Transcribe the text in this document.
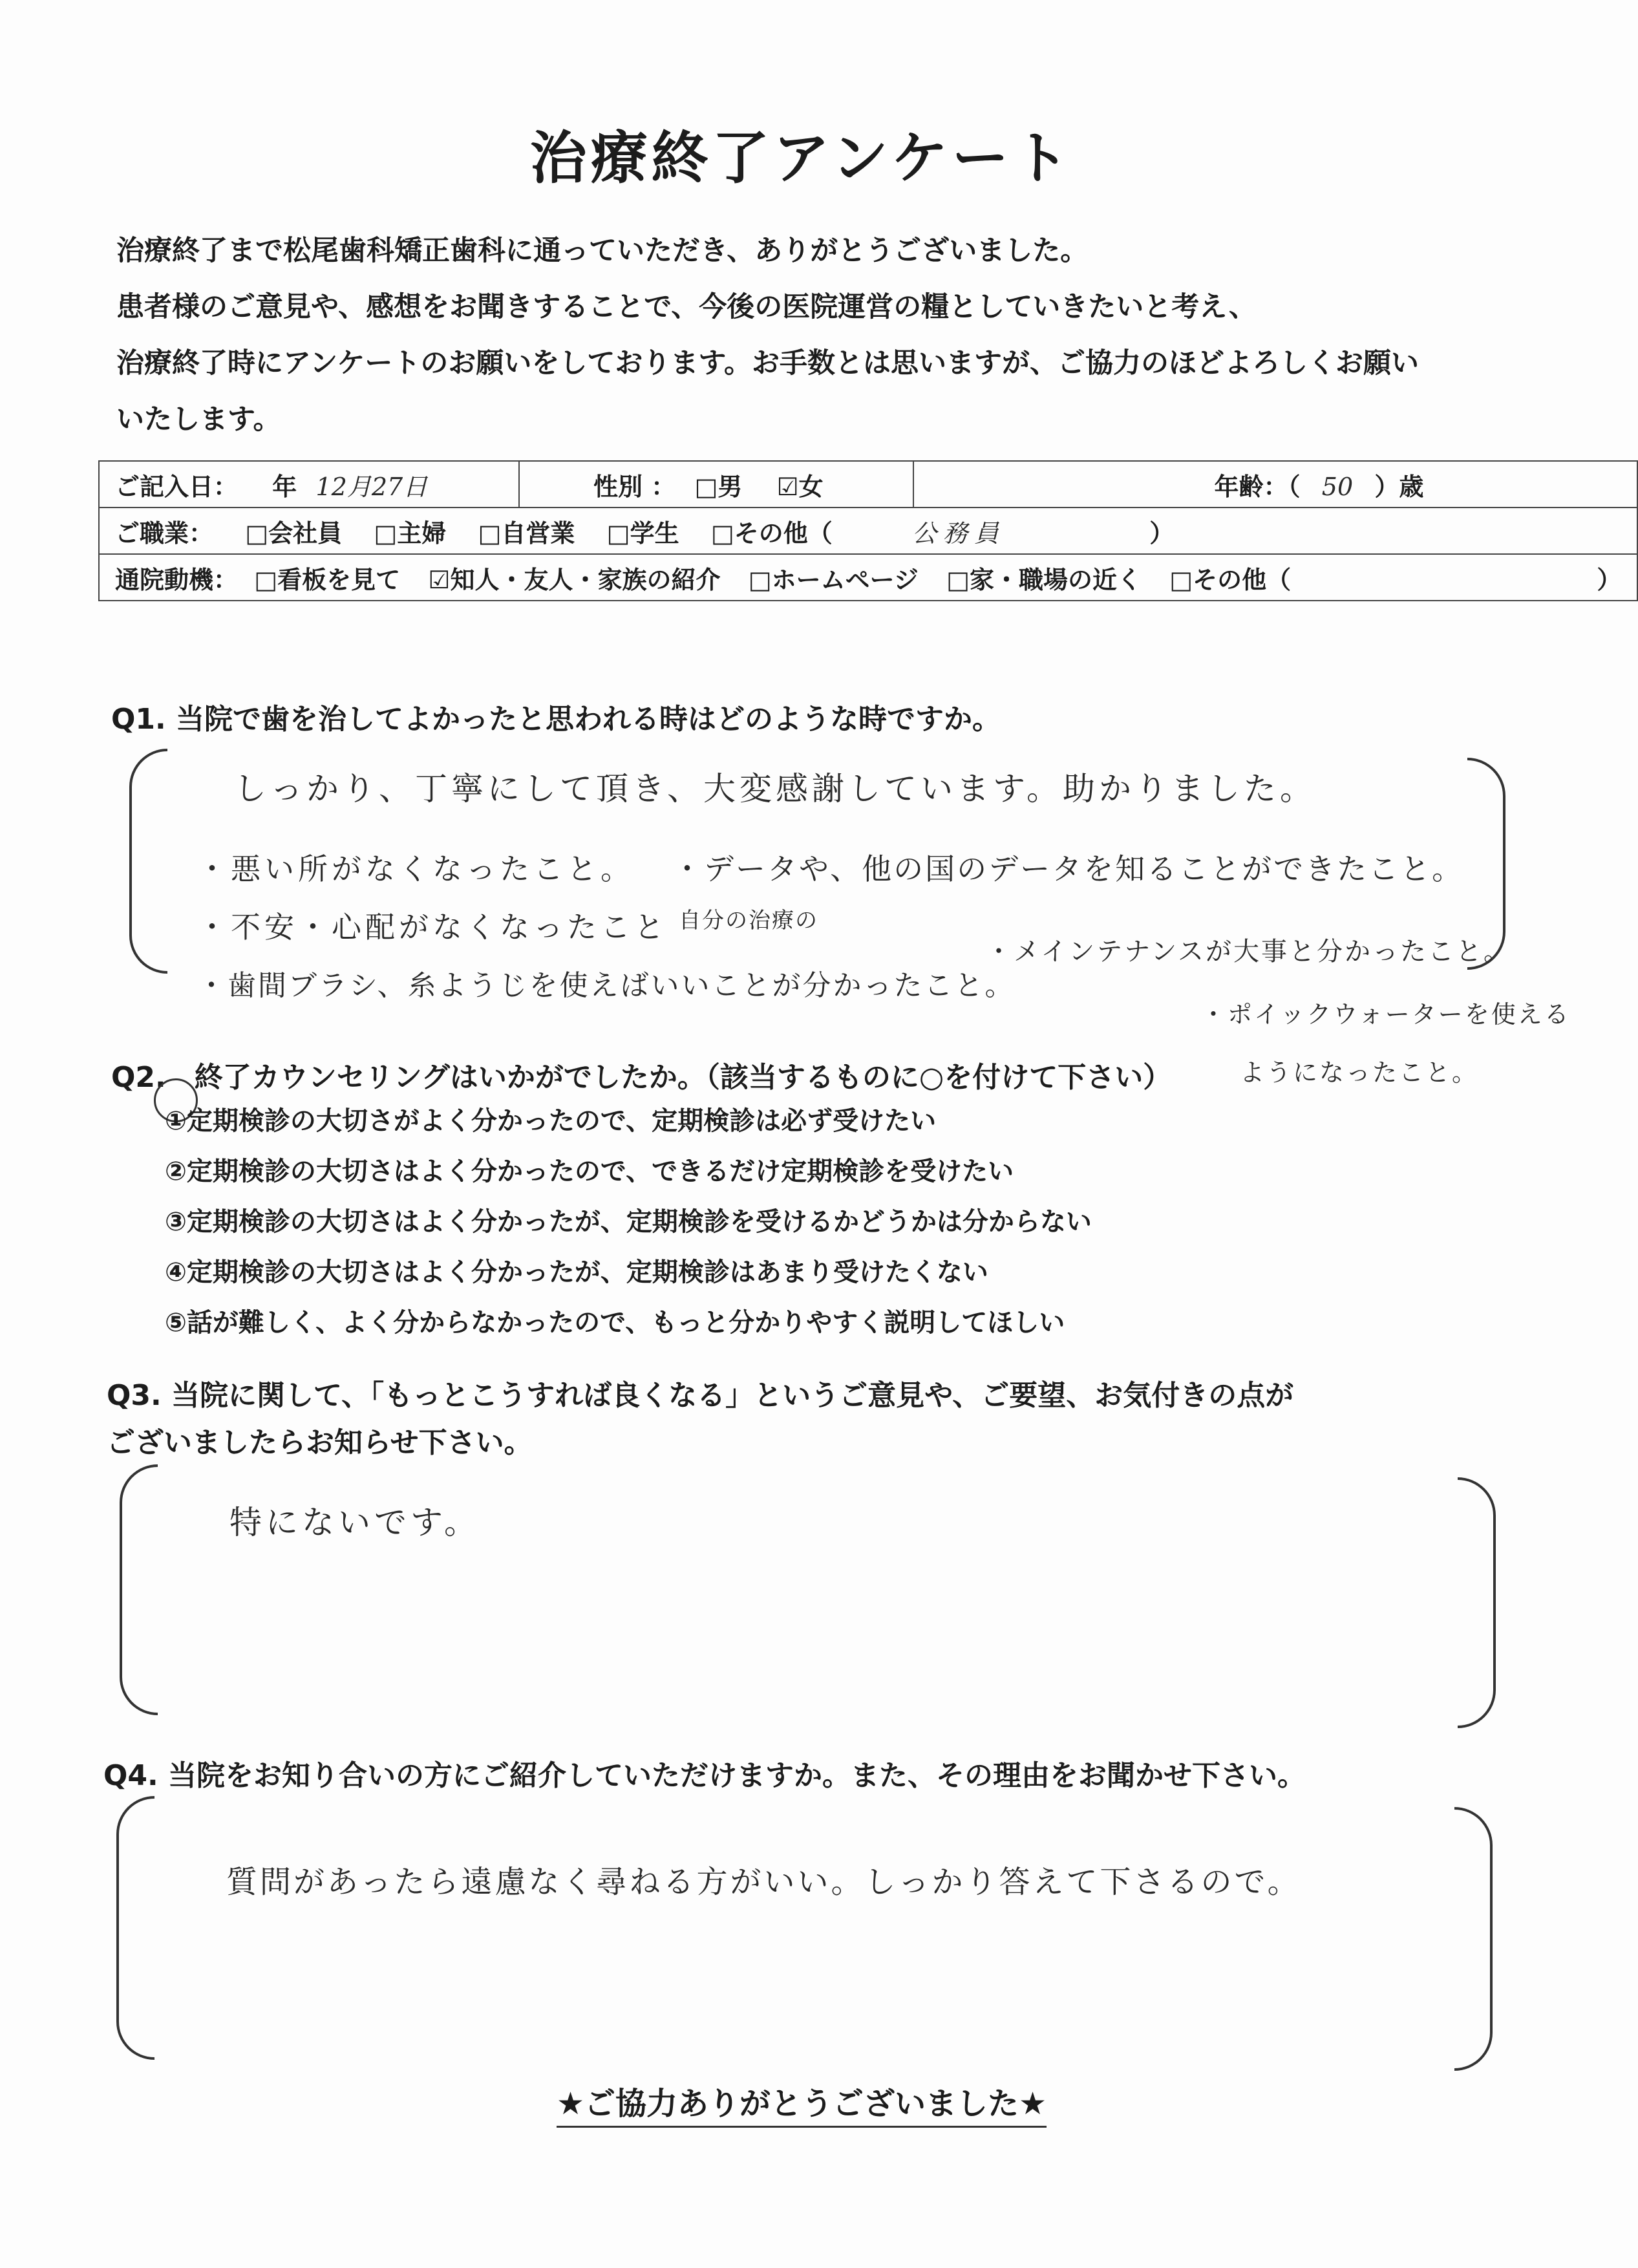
治療終了アンケート
治療終了まで松尾歯科矯正歯科に通っていただき、ありがとうございました。
患者様のご意見や、感想をお聞きすることで、今後の医院運営の糧としていきたいと考え、
治療終了時にアンケートのお願いをしております。お手数とは思いますが、ご協力のほどよろしくお願い
いたします。
ご記入日： 年 12月27日	性別 ： □男 ☑女	年齢：（ 50 ）歳
ご職業： □会社員 □主婦 □自営業 □学生 □その他（	公務員	）
通院動機： □看板を見て ☑知人・友人・家族の紹介 □ホームページ □家・職場の近く □その他（	）
Q1. 当院で歯を治してよかったと思われる時はどのような時ですか。
しっかり、丁寧にして頂き、大変感謝しています。助かりました。
・悪い所がなくなったこと。 ・データや、他の国のデータを知ることができたこと。
・不安・心配がなくなったこと 自分の治療の
・歯間ブラシ、糸ようじを使えばいいことが分かったこと。
・メインテナンスが大事と分かったこと。
・ポイックウォーターを使える
ようになったこと。
Q2.　終了カウンセリングはいかがでしたか。（該当するものに○を付けて下さい）
①定期検診の大切さがよく分かったので、定期検診は必ず受けたい
②定期検診の大切さはよく分かったので、できるだけ定期検診を受けたい
③定期検診の大切さはよく分かったが、定期検診を受けるかどうかは分からない
④定期検診の大切さはよく分かったが、定期検診はあまり受けたくない
⑤話が難しく、よく分からなかったので、もっと分かりやすく説明してほしい
Q3. 当院に関して、「もっとこうすれば良くなる」というご意見や、ご要望、お気付きの点が
ございましたらお知らせ下さい。
特にないです。
Q4. 当院をお知り合いの方にご紹介していただけますか。また、その理由をお聞かせ下さい。
質問があったら遠慮なく尋ねる方がいい。しっかり答えて下さるので。
★ご協力ありがとうございました★
